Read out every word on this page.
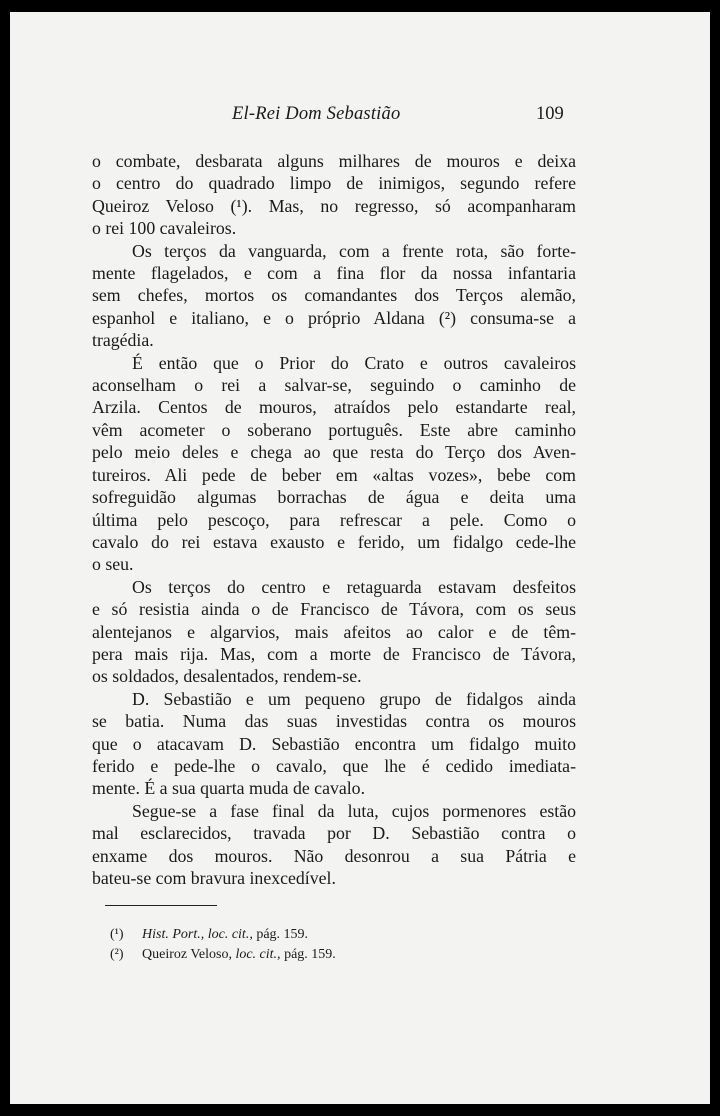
El-Rei Dom Sebastião	109

o combate, desbarata alguns milhares de mouros e deixa
o centro do quadrado limpo de inimigos, segundo refere
Queiroz Veloso (¹). Mas, no regresso, só acompanharam
o rei 100 cavaleiros.

Os terços da vanguarda, com a frente rota, são forte-
mente flagelados, e com a fina flor da nossa infantaria
sem chefes, mortos os comandantes dos Terços alemão,
espanhol e italiano, e o próprio Aldana (²) consuma-se a
tragédia.

É então que o Prior do Crato e outros cavaleiros
aconselham o rei a salvar-se, seguindo o caminho de
Arzila. Centos de mouros, atraídos pelo estandarte real,
vêm acometer o soberano português. Este abre caminho
pelo meio deles e chega ao que resta do Terço dos Aven-
tureiros. Ali pede de beber em «altas vozes», bebe com
sofreguidão algumas borrachas de água e deita uma
última pelo pescoço, para refrescar a pele. Como o
cavalo do rei estava exausto e ferido, um fidalgo cede-lhe
o seu.

Os terços do centro e retaguarda estavam desfeitos
e só resistia ainda o de Francisco de Távora, com os seus
alentejanos e algarvios, mais afeitos ao calor e de têm-
pera mais rija. Mas, com a morte de Francisco de Távora,
os soldados, desalentados, rendem-se.

D. Sebastião e um pequeno grupo de fidalgos ainda
se batia. Numa das suas investidas contra os mouros
que o atacavam D. Sebastião encontra um fidalgo muito
ferido e pede-lhe o cavalo, que lhe é cedido imediata-
mente. É a sua quarta muda de cavalo.

Segue-se a fase final da luta, cujos pormenores estão
mal esclarecidos, travada por D. Sebastião contra o
enxame dos mouros. Não desonrou a sua Pátria e
bateu-se com bravura inexcedível.

(¹) Hist. Port., loc. cit., pág. 159.
(²) Queiroz Veloso, loc. cit., pág. 159.
